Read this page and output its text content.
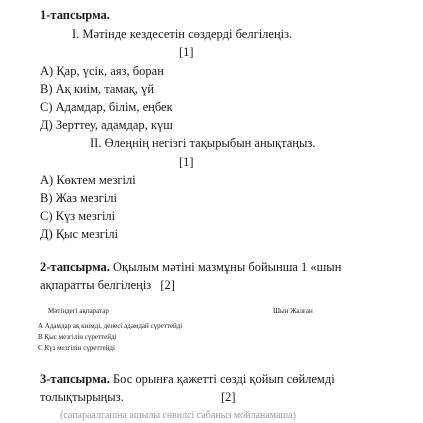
1-тапсырма.
I. Мәтінде кездесетін сөздерді белгілеңіз.
[1]
А) Қар, үсік, аяз, боран
В) Ақ киім, тамақ, үй
С) Адамдар, білім, еңбек
Д) Зерттеу, адамдар, күш
II. Өлеңнің негізгі тақырыбын анықтаңыз.
[1]
А) Көктем мезгілі
В) Жаз мезгілі
С) Күз мезгілі
Д) Қыс мезгілі
2-тапсырма. Оқылым мәтіні мазмұны бойынша 1 «шын
ақпаратты белгілеңіз [2]
Мәтіндегі ақпаратар	Шын Жалған
А Адамдар ақ киімді, денесі адамдай сүреттейді
В Қыс мезгілін сүреттейді
С Күз мезгілін сүреттейді
3-тапсырма. Бос орынға қажетті сөзді қойып сөйлемді
толықтырыңыз.	[2]
(сапараалгашна ашылы сөвилсі сабаныз мойланамаша)
